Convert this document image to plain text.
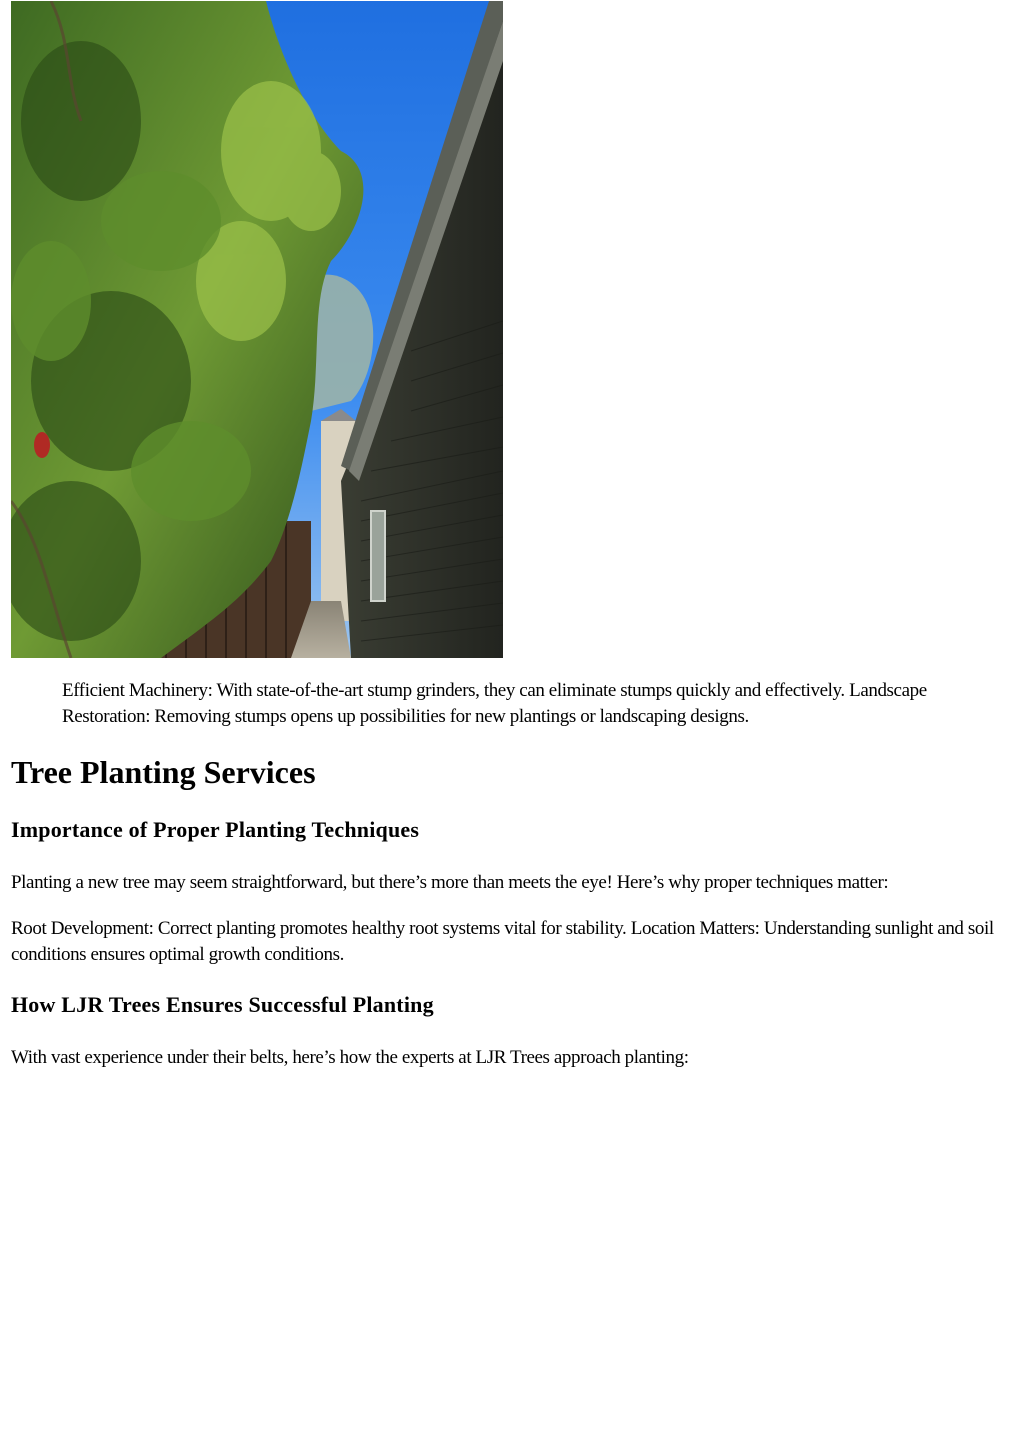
Efficient Machinery: With state-of-the-art stump grinders, they can eliminate stumps quickly and effectively. Landscape Restoration: Removing stumps opens up possibilities for new plantings or landscaping designs.

Tree Planting Services
Importance of Proper Planting Techniques

Planting a new tree may seem straightforward, but there’s more than meets the eye! Here’s why proper techniques matter:

Root Development: Correct planting promotes healthy root systems vital for stability. Location Matters: Understanding sunlight and soil conditions ensures optimal growth conditions.

How LJR Trees Ensures Successful Planting

With vast experience under their belts, here’s how the experts at LJR Trees approach planting:
